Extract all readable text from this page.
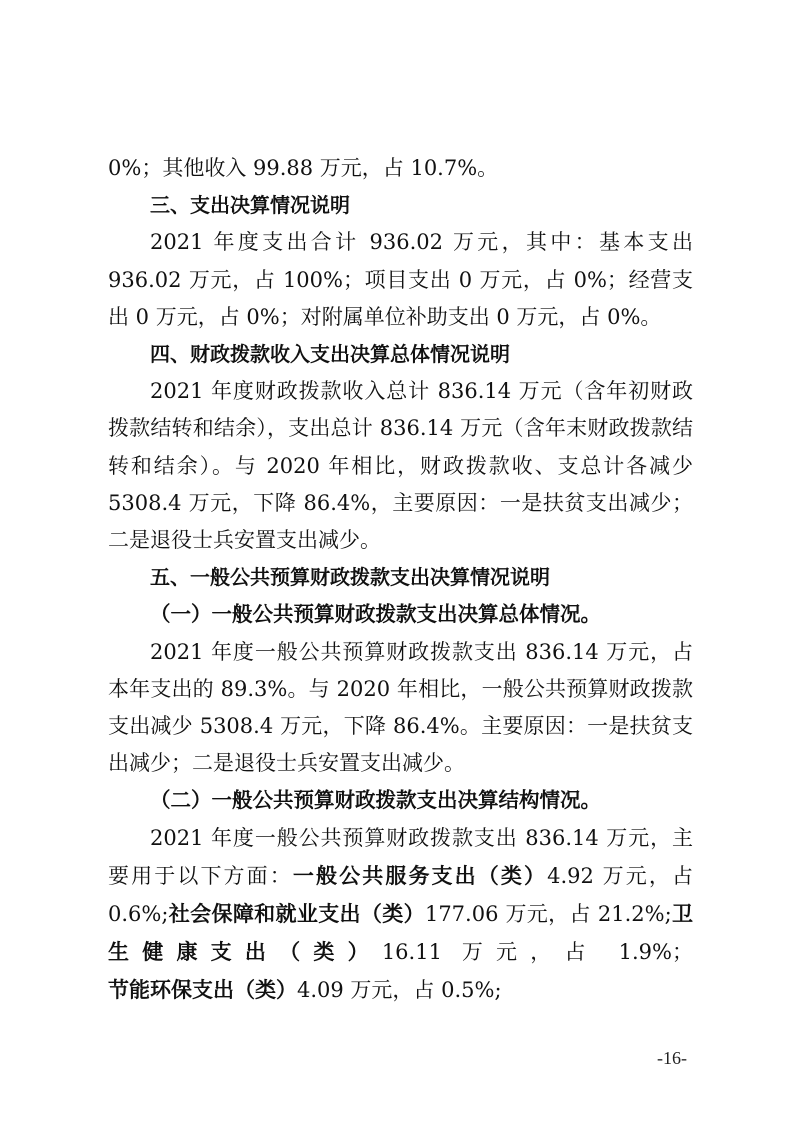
0%；其他收入 99.88 万元，占 10.7%。

三、支出决算情况说明

2021 年度支出合计 936.02 万元，其中：基本支出 936.02 万元，占 100%；项目支出 0 万元，占 0%；经营支出 0 万元，占 0%；对附属单位补助支出 0 万元，占 0%。

四、财政拨款收入支出决算总体情况说明

2021 年度财政拨款收入总计 836.14 万元（含年初财政拨款结转和结余），支出总计 836.14 万元（含年末财政拨款结转和结余）。与 2020 年相比，财政拨款收、支总计各减少 5308.4 万元，下降 86.4%，主要原因：一是扶贫支出减少；二是退役士兵安置支出减少。

五、一般公共预算财政拨款支出决算情况说明

（一）一般公共预算财政拨款支出决算总体情况。

2021 年度一般公共预算财政拨款支出 836.14 万元，占本年支出的 89.3%。与 2020 年相比，一般公共预算财政拨款支出减少 5308.4 万元，下降 86.4%。主要原因：一是扶贫支出减少；二是退役士兵安置支出减少。

（二）一般公共预算财政拨款支出决算结构情况。

2021 年度一般公共预算财政拨款支出 836.14 万元，主要用于以下方面：一般公共服务支出（类）4.92 万元，占 0.6%;社会保障和就业支出（类）177.06 万元，占 21.2%;卫生健康支出（类）16.11 万元，占 1.9%；节能环保支出（类）4.09 万元，占 0.5%;

-16-
